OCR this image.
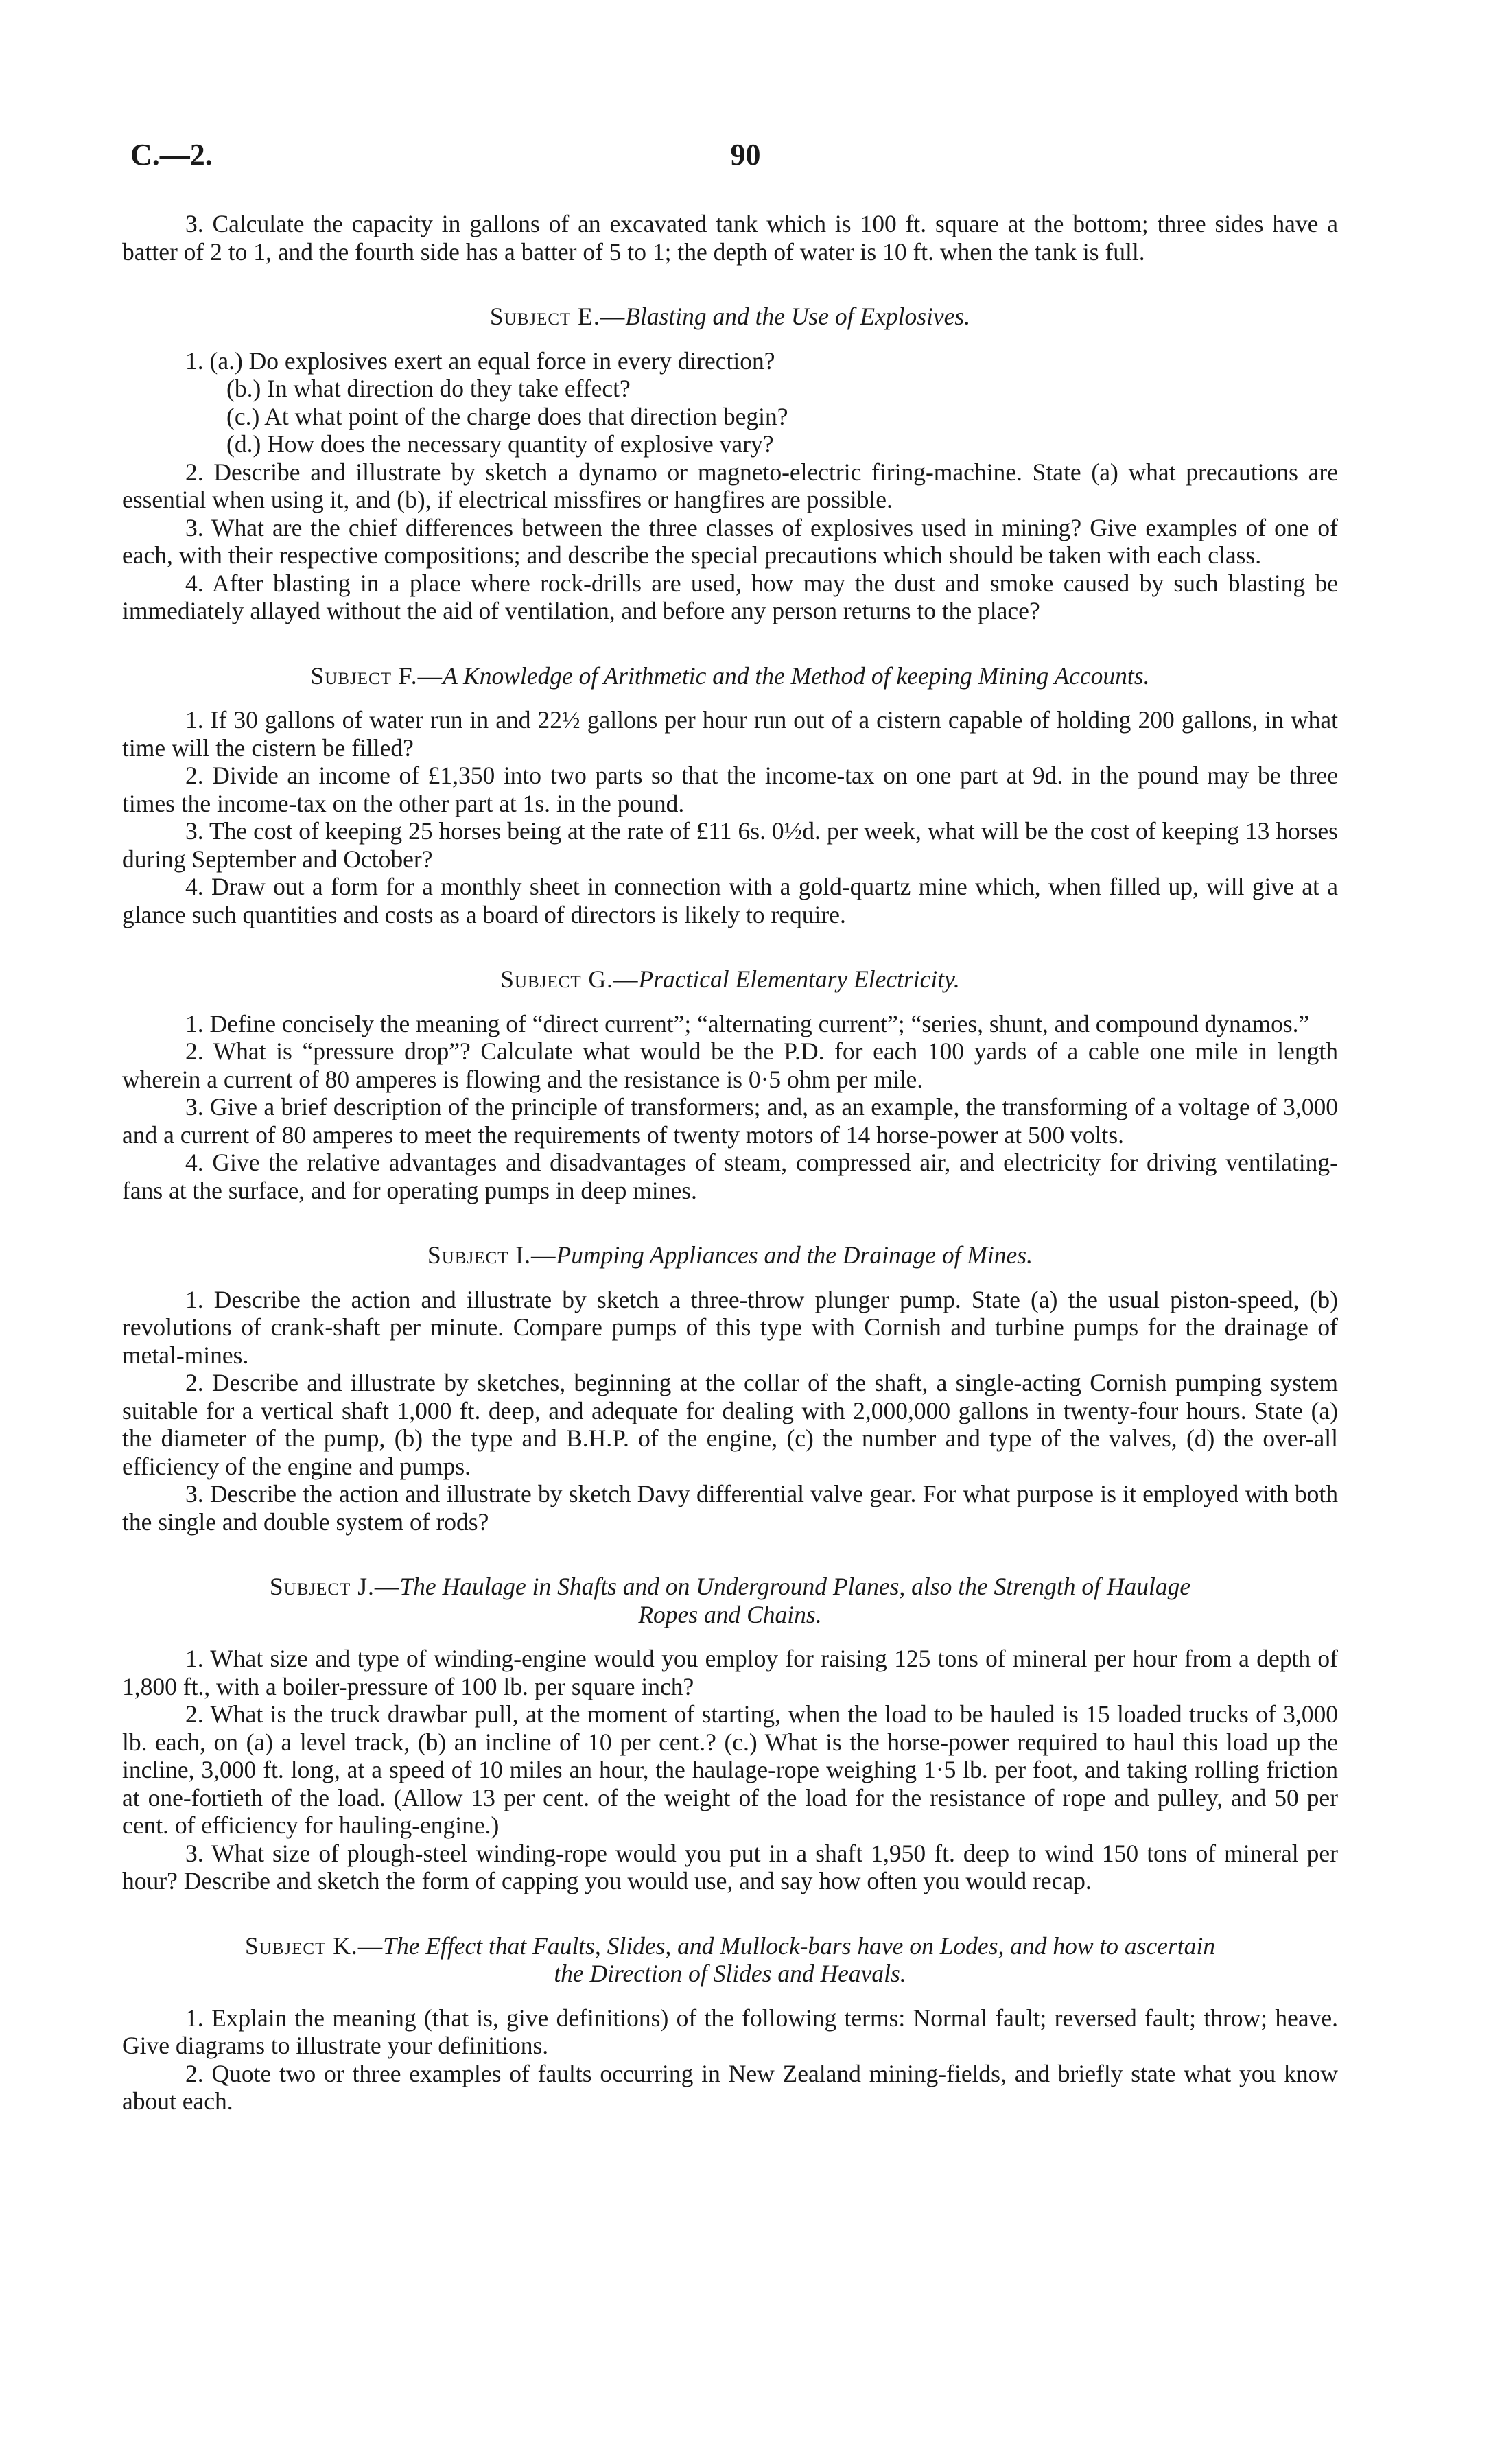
C.—2.	90

3. Calculate the capacity in gallons of an excavated tank which is 100 ft. square at the bottom; three sides have a batter of 2 to 1, and the fourth side has a batter of 5 to 1; the depth of water is 10 ft. when the tank is full.

Subject E.—Blasting and the Use of Explosives.

1. (a.) Do explosives exert an equal force in every direction?

(b.) In what direction do they take effect?

(c.) At what point of the charge does that direction begin?

(d.) How does the necessary quantity of explosive vary?

2. Describe and illustrate by sketch a dynamo or magneto-electric firing-machine. State (a) what precautions are essential when using it, and (b), if electrical missfires or hangfires are possible.

3. What are the chief differences between the three classes of explosives used in mining? Give examples of one of each, with their respective compositions; and describe the special precautions which should be taken with each class.

4. After blasting in a place where rock-drills are used, how may the dust and smoke caused by such blasting be immediately allayed without the aid of ventilation, and before any person returns to the place?

Subject F.—A Knowledge of Arithmetic and the Method of keeping Mining Accounts.

1. If 30 gallons of water run in and 22½ gallons per hour run out of a cistern capable of holding 200 gallons, in what time will the cistern be filled?

2. Divide an income of £1,350 into two parts so that the income-tax on one part at 9d. in the pound may be three times the income-tax on the other part at 1s. in the pound.

3. The cost of keeping 25 horses being at the rate of £11 6s. 0½d. per week, what will be the cost of keeping 13 horses during September and October?

4. Draw out a form for a monthly sheet in connection with a gold-quartz mine which, when filled up, will give at a glance such quantities and costs as a board of directors is likely to require.

Subject G.—Practical Elementary Electricity.

1. Define concisely the meaning of “direct current”; “alternating current”; “series, shunt, and compound dynamos.”

2. What is “pressure drop”? Calculate what would be the P.D. for each 100 yards of a cable one mile in length wherein a current of 80 amperes is flowing and the resistance is 0·5 ohm per mile.

3. Give a brief description of the principle of transformers; and, as an example, the transforming of a voltage of 3,000 and a current of 80 amperes to meet the requirements of twenty motors of 14 horse-power at 500 volts.

4. Give the relative advantages and disadvantages of steam, compressed air, and electricity for driving ventilating-fans at the surface, and for operating pumps in deep mines.

Subject I.—Pumping Appliances and the Drainage of Mines.

1. Describe the action and illustrate by sketch a three-throw plunger pump. State (a) the usual piston-speed, (b) revolutions of crank-shaft per minute. Compare pumps of this type with Cornish and turbine pumps for the drainage of metal-mines.

2. Describe and illustrate by sketches, beginning at the collar of the shaft, a single-acting Cornish pumping system suitable for a vertical shaft 1,000 ft. deep, and adequate for dealing with 2,000,000 gallons in twenty-four hours. State (a) the diameter of the pump, (b) the type and B.H.P. of the engine, (c) the number and type of the valves, (d) the over-all efficiency of the engine and pumps.

3. Describe the action and illustrate by sketch Davy differential valve gear. For what purpose is it employed with both the single and double system of rods?

Subject J.—The Haulage in Shafts and on Underground Planes, also the Strength of Haulage
Ropes and Chains.

1. What size and type of winding-engine would you employ for raising 125 tons of mineral per hour from a depth of 1,800 ft., with a boiler-pressure of 100 lb. per square inch?

2. What is the truck drawbar pull, at the moment of starting, when the load to be hauled is 15 loaded trucks of 3,000 lb. each, on (a) a level track, (b) an incline of 10 per cent.? (c.) What is the horse-power required to haul this load up the incline, 3,000 ft. long, at a speed of 10 miles an hour, the haulage-rope weighing 1·5 lb. per foot, and taking rolling friction at one-fortieth of the load. (Allow 13 per cent. of the weight of the load for the resistance of rope and pulley, and 50 per cent. of efficiency for hauling-engine.)

3. What size of plough-steel winding-rope would you put in a shaft 1,950 ft. deep to wind 150 tons of mineral per hour? Describe and sketch the form of capping you would use, and say how often you would recap.

Subject K.—The Effect that Faults, Slides, and Mullock-bars have on Lodes, and how to ascertain
the Direction of Slides and Heavals.

1. Explain the meaning (that is, give definitions) of the following terms: Normal fault; reversed fault; throw; heave. Give diagrams to illustrate your definitions.

2. Quote two or three examples of faults occurring in New Zealand mining-fields, and briefly state what you know about each.
